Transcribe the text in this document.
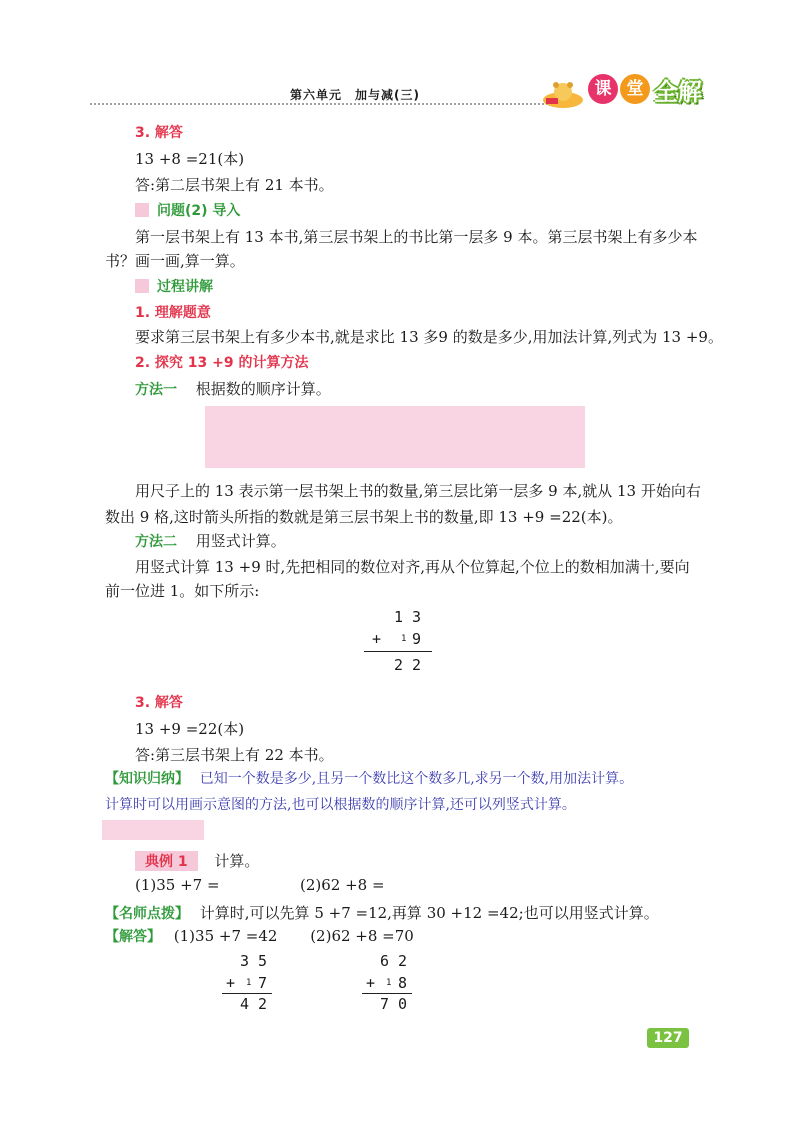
第六单元　加与减(三)	课 堂 全解
3. 解答
13 +8 =21(本)
答:第二层书架上有 21 本书。
问题(2) 导入
第一层书架上有 13 本书,第三层书架上的书比第一层多 9 本。第三层书架上有多少本
书？画一画,算一算。
过程讲解
1. 理解题意
要求第三层书架上有多少本书,就是求比 13 多9 的数是多少,用加法计算,列式为 13 +9。
2. 探究 13 +9 的计算方法
方法一 根据数的顺序计算。
用尺子上的 13 表示第一层书架上书的数量,第三层比第一层多 9 本,就从 13 开始向右
数出 9 格,这时箭头所指的数就是第三层书架上书的数量,即 13 +9 =22(本)。
方法二 用竖式计算。
用竖式计算 13 +9 时,先把相同的数位对齐,再从个位算起,个位上的数相加满十,要向
前一位进 1。如下所示:
1 3
+ 1 9
2 2
3. 解答
13 +9 =22(本)
答:第三层书架上有 22 本书。
【知识归纳】 已知一个数是多少,且另一个数比这个数多几,求另一个数,用加法计算。
计算时可以用画示意图的方法,也可以根据数的顺序计算,还可以列竖式计算。
典例 1 计算。
(1)35 +7 =	(2)62 +8 =
【名师点拨】 计算时,可以先算 5 +7 =12,再算 30 +12 =42;也可以用竖式计算。
【解答】 (1)35 +7 =42 (2)62 +8 =70
3 5
+ 1 7
4 2
6 2
+ 1 8
7 0
127
